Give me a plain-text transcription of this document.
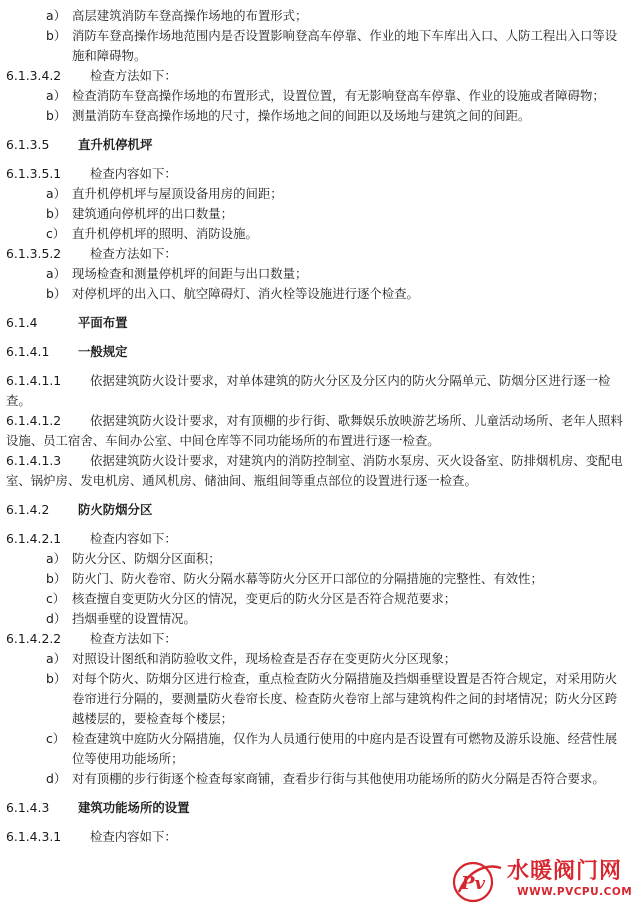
a） 高层建筑消防车登高操作场地的布置形式；
b） 消防车登高操作场地范围内是否设置影响登高车停靠、作业的地下车库出入口、人防工程出入口等设施和障碍物。
6.1.3.4.2 检查方法如下：
a） 检查消防车登高操作场地的布置形式，设置位置，有无影响登高车停靠、作业的设施或者障碍物；
b） 测量消防车登高操作场地的尺寸，操作场地之间的间距以及场地与建筑之间的间距。
6.1.3.5 直升机停机坪
6.1.3.5.1 检查内容如下：
a） 直升机停机坪与屋顶设备用房的间距；
b） 建筑通向停机坪的出口数量；
c） 直升机停机坪的照明、消防设施。
6.1.3.5.2 检查方法如下：
a） 现场检查和测量停机坪的间距与出口数量；
b） 对停机坪的出入口、航空障碍灯、消火栓等设施进行逐个检查。
6.1.4	平面布置
6.1.4.1 一般规定
6.1.4.1.1 依据建筑防火设计要求，对单体建筑的防火分区及分区内的防火分隔单元、防烟分区进行逐一检查。
6.1.4.1.2 依据建筑防火设计要求，对有顶棚的步行街、歌舞娱乐放映游艺场所、儿童活动场所、老年人照料设施、员工宿舍、车间办公室、中间仓库等不同功能场所的布置进行逐一检查。
6.1.4.1.3 依据建筑防火设计要求，对建筑内的消防控制室、消防水泵房、灭火设备室、防排烟机房、变配电室、锅炉房、发电机房、通风机房、储油间、瓶组间等重点部位的设置进行逐一检查。
6.1.4.2 防火防烟分区
6.1.4.2.1 检查内容如下：
a） 防火分区、防烟分区面积；
b） 防火门、防火卷帘、防火分隔水幕等防火分区开口部位的分隔措施的完整性、有效性；
c） 核查擅自变更防火分区的情况，变更后的防火分区是否符合规范要求；
d） 挡烟垂壁的设置情况。
6.1.4.2.2 检查方法如下：
a） 对照设计图纸和消防验收文件，现场检查是否存在变更防火分区现象；
b） 对每个防火、防烟分区进行检查，重点检查防火分隔措施及挡烟垂壁设置是否符合规定，对采用防火卷帘进行分隔的，要测量防火卷帘长度、检查防火卷帘上部与建筑构件之间的封堵情况；防火分区跨越楼层的，要检查每个楼层；
c） 检查建筑中庭防火分隔措施，仅作为人员通行使用的中庭内是否设置有可燃物及游乐设施、经营性展位等使用功能场所；
d） 对有顶棚的步行街逐个检查每家商铺，查看步行街与其他使用功能场所的防火分隔是否符合要求。
6.1.4.3 建筑功能场所的设置
6.1.4.3.1 检查内容如下：
Pv 水暖阀门网
WWW.PVCPU.COM
